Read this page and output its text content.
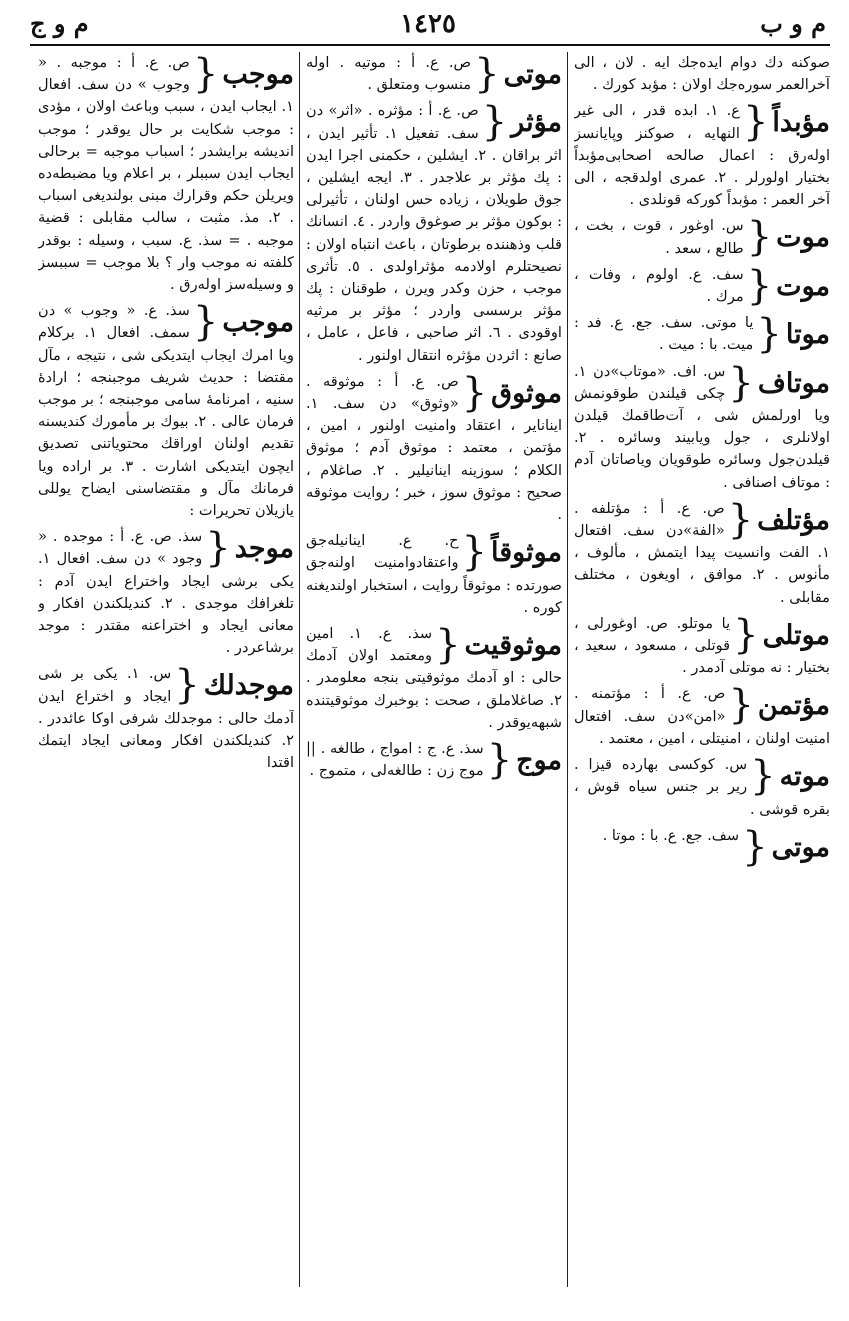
م و ب
١٤٢٥
م و ج
صوکنه دك دوام ايده‌جك ايه . لان ، الى آخرالعمر سوره‌جك اولان : مؤبد کورك .
مؤبداً
{
ع. ١. ابده قدر ، الى غير النهايه ، صوکنز وپايانسز اوله‌رق : اعمال صالحه اصحابى‌مؤبداً بختيار اولورلر . ٢. عمرى اولدقجه ، الى آخر العمر : مؤبداً کورکه قونلدى .
موت
{
س. اوغور ، قوت ، بخت ، طالع ، سعد .
موت
{
سف. ع. اولوم ، وفات ، مرك .
موتا
{
يا موتى. سف. جع. ع. فد : ميت. با : ميت .
موتاف
{
س. اف. «موتاب»دن ١. چكى قيلندن طوقونمش ويا اورلمش شى ، آت‌طاقمك قيلدن اولانلرى ، جول ويابيند وسائره . ٢. قيلدن‌جول وسائره طوقويان وياصاتان آدم : موتاف اصنافى .
مؤتلف
{
ص. ع. أ : مؤتلفه . «الفة»دن سف. افتعال ١. الفت وانسيت پيدا ايتمش ، مألوف ، مأنوس . ٢. موافق ، اويغون ، مختلف مقابلى .
موتلى
{
يا موتلو. ص. اوغورلى ، قوتلى ، مسعود ، سعيد ، بختيار : نه موتلى آدمدر .
مؤتمن
{
ص. ع. أ : مؤتمنه . «امن»دن سف. افتعال امنيت اولنان ، امنيتلى ، امين ، معتمد .
موته
{
س. کوکسى بهارده قيزا . رير بر جنس سياه قوش ، بقره قوشى .
موتى
{
سف. جع. ع. با : موتا .
موتى
{
ص. ع. أ : موتيه . اوله منسوب ومتعلق .
مؤثر
{
ص. ع. أ : مؤثره . «اثر» دن سف. تفعيل ١. تأثير ايدن ، اثر براقان . ٢. ايشلين ، حکمنى اجرا ايدن : پك مؤثر بر علاجدر . ٣. ايجه ايشلين ، جوق طويلان ، زياده حس اولنان ، تأثيرلى : بوکون مؤثر بر صوغوق واردر . ٤. انسانك قلب وذهننده برطوتان ، باعث انتباه اولان : نصيحتلرم اولادمه مؤثراولدى . ٥. تأثرى موجب ، حزن وکدر ويرن ، طوقنان : پك مؤثر برسسى واردر ؛ مؤثر بر مرثيه اوقودى . ٦. اثر صاحبى ، فاعل ، عامل ، صانع : اثردن مؤثره انتقال اولنور .
موثوق
{
ص. ع. أ : موثوقه . «وثوق» دن سف. ١. ايناناير ، اعتقاد وامنيت اولنور ، امين ، مؤتمن ، معتمد : موثوق آدم ؛ موثوق الکلام ؛ سوزينه اينانيلير . ٢. صاغلام ، صحيح : موثوق سوز ، خبر ؛ روايت موثوقه .
موثوقاً
{
ح. ع. اينانيله‌جق واعتقادوامنيت اولنه‌جق صورتده : موثوقاً روايت ، استخبار اولندیغنه کوره .
موثوقيت
{
سذ. ع. ١. امين ومعتمد اولان آدمك حالى : او آدمك موثوقيتى بنجه معلومدر . ٢. صاغلاملق ، صحت : بوخبرك موثوقيتنده شبهه‌يوقدر .
موج
{
سذ. ع. ج : امواج ، طالغه . || موج زن : طالغه‌لى ، متموج .
موجب
{
ص. ع. أ : موجبه . « وجوب » دن سف. افعال ١. ايجاب ايدن ، سبب وباعث اولان ، مؤدى : موجب شکايت بر حال يوقدر ؛ موجب انديشه برايشدر ؛ اسباب موجبه = برحالى ايجاب ايدن سببلر ، بر اعلام ويا مضبطه‌ده ويريلن حکم وقرارك مبنى بولنديغى اسباب . ٢. مذ. مثبت ، سالب مقابلى : قضية موجبه . = سذ. ع. سبب ، وسيله : بوقدر کلفته نه موجب وار ؟ بلا موجب = سببسز و وسيله‌سز اوله‌رق .
موجب
{
سذ. ع. « وجوب » دن سمف. افعال ١. برکلام ويا امرك ايجاب ايتديکى شى ، نتيجه ، مآل مقتضا : حديث شريف موجبنجه ؛ ارادۀ سنيه ، امرنامۀ سامى موجبنجه ؛ بر موجب فرمان عالى . ٢. بيوك بر مأمورك کنديسنه تقديم اولنان اوراقك محتوياتنى تصديق ايچون ايتديکى اشارت . ٣. بر اراده ويا فرمانك مآل و مقتضاسنى ايضاح يوللى يازيلان تحريرات :
موجد
{
سذ. ص. ع. أ : موجده . « وجود » دن سف. افعال ١. يکى برشى ايجاد واختراع ايدن آدم : تلغرافك موجدى . ٢. کنديلکندن افکار و معانى ايجاد و اختراعنه مقتدر : موجد برشاعردر .
موجدلك
{
س. ١. يکى بر شى ايجاد و اختراع ايدن آدمك حالى : موجدلك شرفى اوکا عائددر . ٢. کنديلکندن افکار ومعانى ايجاد ايتمك اقتدا
